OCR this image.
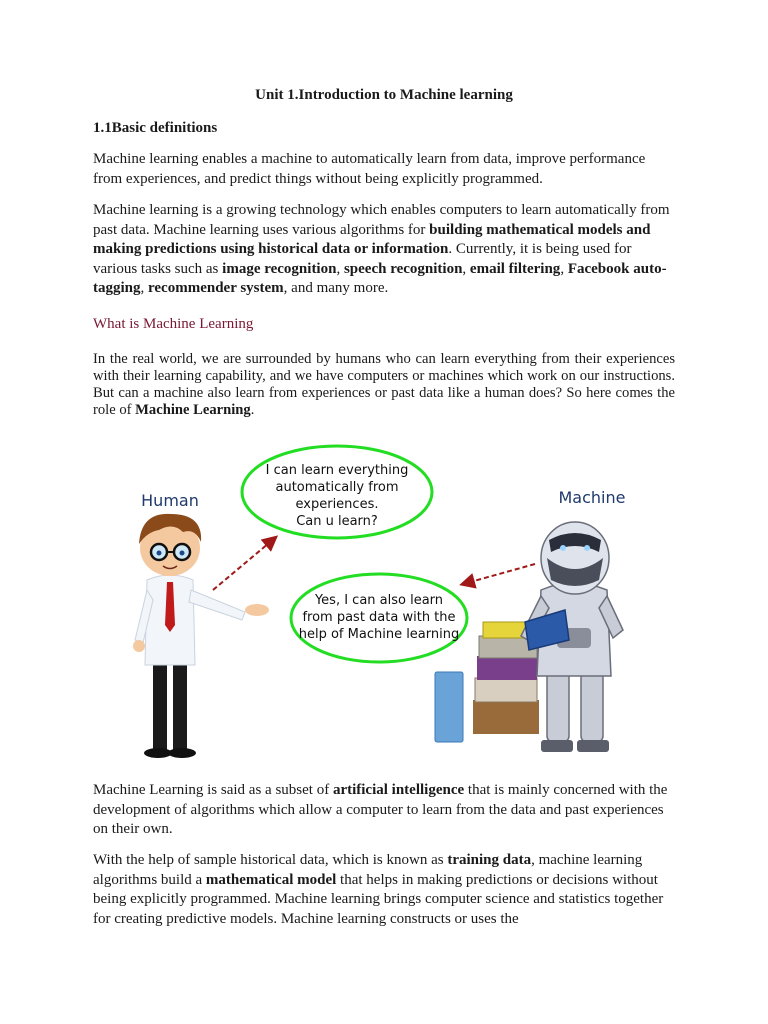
Unit 1.Introduction to Machine learning
1.1Basic definitions
Machine learning enables a machine to automatically learn from data, improve performance from experiences, and predict things without being explicitly programmed.
Machine learning is a growing technology which enables computers to learn automatically from past data. Machine learning uses various algorithms for building mathematical models and making predictions using historical data or information. Currently, it is being used for various tasks such as image recognition, speech recognition, email filtering, Facebook auto-tagging, recommender system, and many more.
What is Machine Learning
In the real world, we are surrounded by humans who can learn everything from their experiences with their learning capability, and we have computers or machines which work on our instructions. But can a machine also learn from experiences or past data like a human does? So here comes the role of Machine Learning.
Human	Machine
I can learn everything
automatically from
experiences.
Can u learn?
Yes, I can also learn
from past data with the
help of Machine learning
Machine Learning is said as a subset of artificial intelligence that is mainly concerned with the development of algorithms which allow a computer to learn from the data and past experiences on their own.
With the help of sample historical data, which is known as training data, machine learning algorithms build a mathematical model that helps in making predictions or decisions without being explicitly programmed. Machine learning brings computer science and statistics together for creating predictive models. Machine learning constructs or uses the
